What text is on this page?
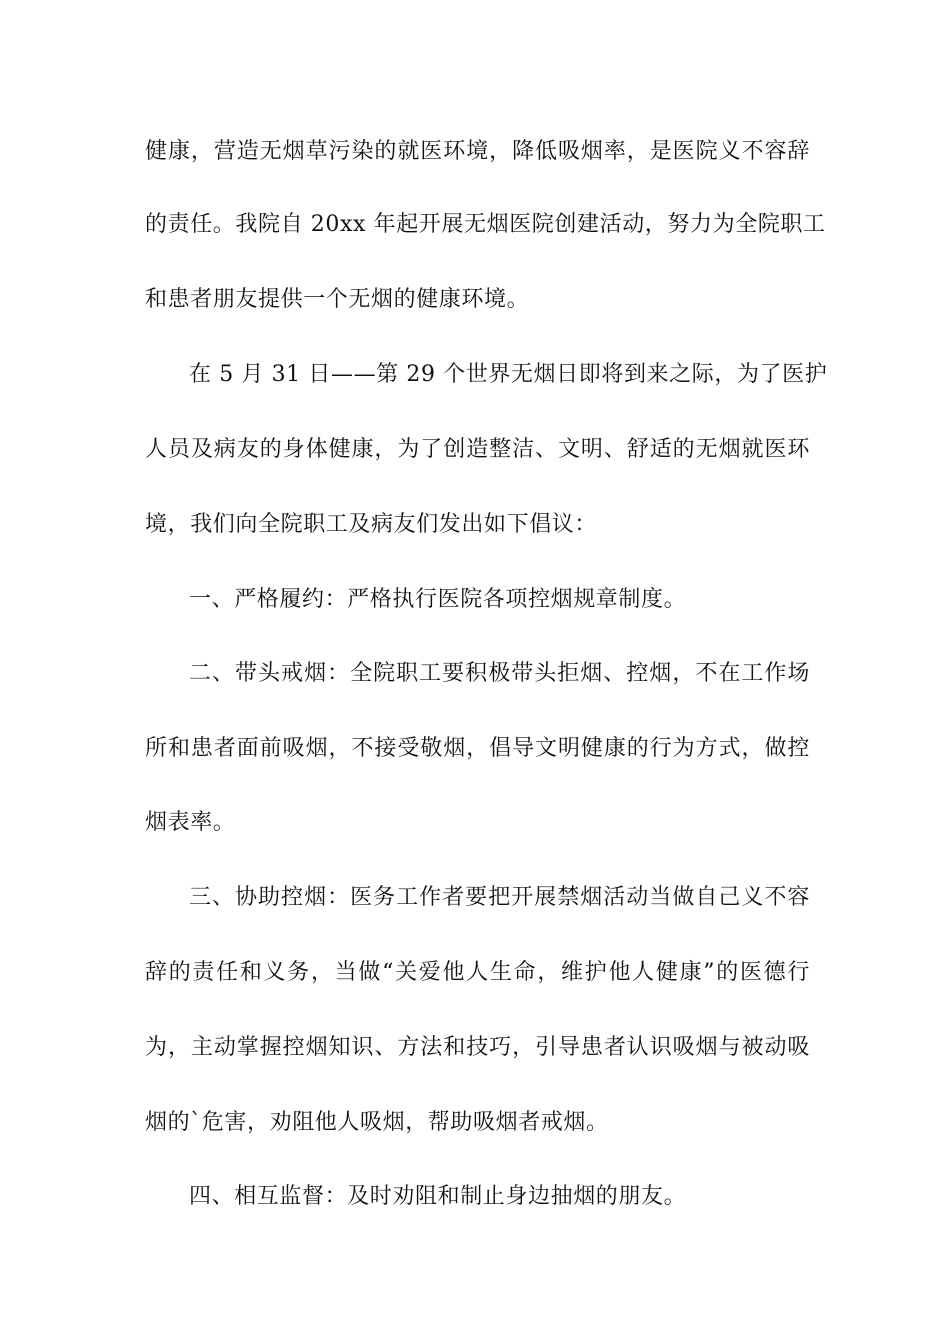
健康，营造无烟草污染的就医环境，降低吸烟率，是医院义不容辞
的责任。我院自 20xx 年起开展无烟医院创建活动，努力为全院职工
和患者朋友提供一个无烟的健康环境。
在 5 月 31 日——第 29 个世界无烟日即将到来之际，为了医护
人员及病友的身体健康，为了创造整洁、文明、舒适的无烟就医环
境，我们向全院职工及病友们发出如下倡议：
一、严格履约：严格执行医院各项控烟规章制度。
二、带头戒烟：全院职工要积极带头拒烟、控烟，不在工作场
所和患者面前吸烟，不接受敬烟，倡导文明健康的行为方式，做控
烟表率。
三、协助控烟：医务工作者要把开展禁烟活动当做自己义不容
辞的责任和义务，当做“关爱他人生命，维护他人健康”的医德行
为，主动掌握控烟知识、方法和技巧，引导患者认识吸烟与被动吸
烟的`危害，劝阻他人吸烟，帮助吸烟者戒烟。
四、相互监督：及时劝阻和制止身边抽烟的朋友。
